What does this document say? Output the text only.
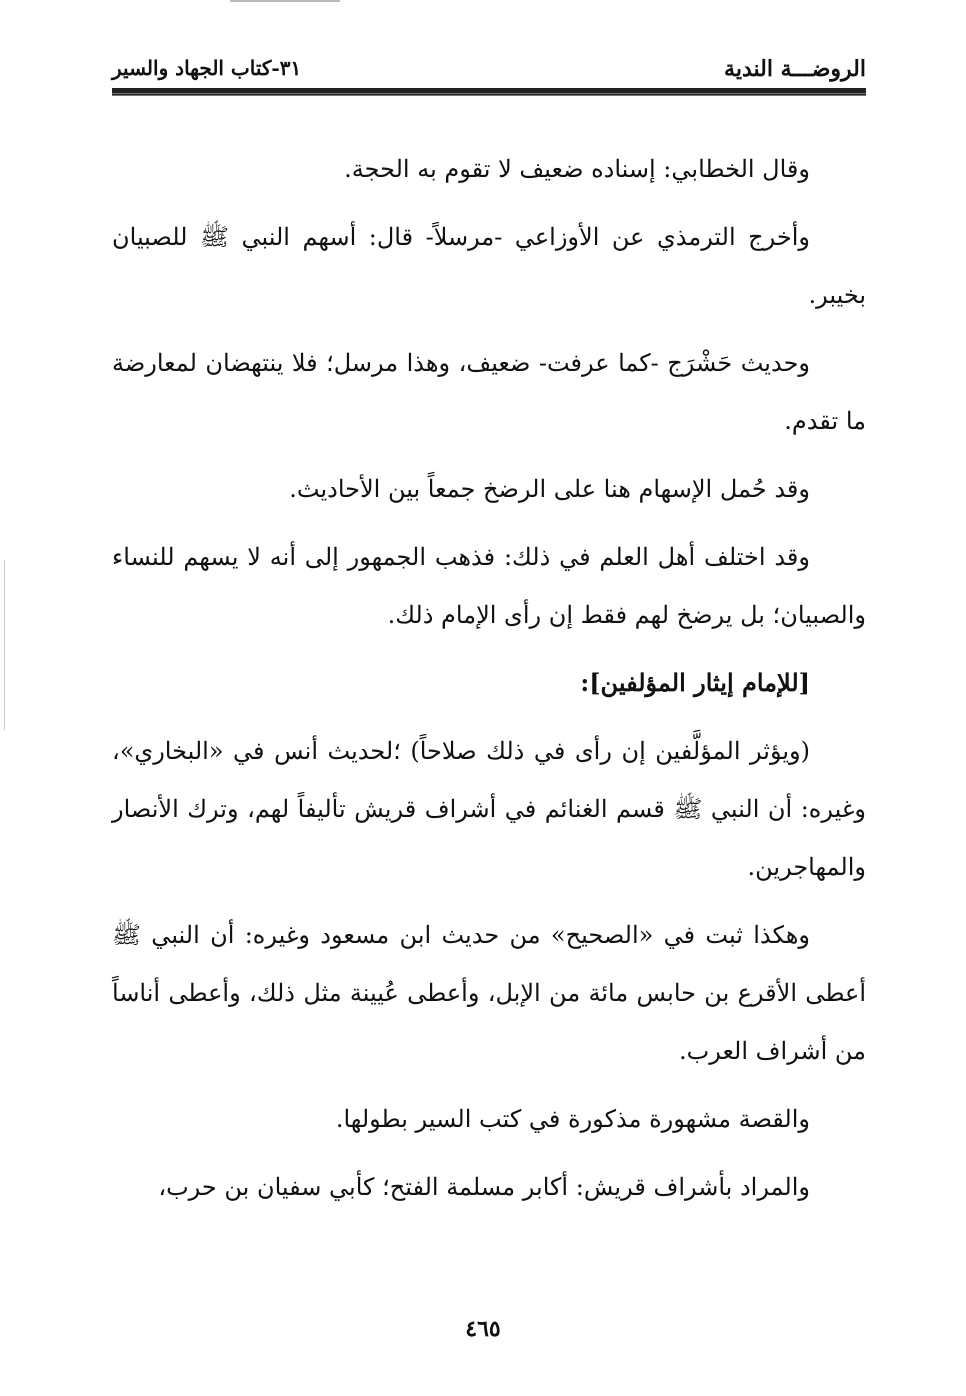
الروضـــة الندية
٣١-كتاب الجهاد والسير

وقال الخطابي: إسناده ضعيف لا تقوم به الحجة.

وأخرج الترمذي عن الأوزاعي -مرسلاً- قال: أسهم النبي ﷺ للصبيان بخيبر.

وحديث حَشْرَج -كما عرفت- ضعيف، وهذا مرسل؛ فلا ينتهضان لمعارضة ما تقدم.

وقد حُمل الإسهام هنا على الرضخ جمعاً بين الأحاديث.

وقد اختلف أهل العلم في ذلك: فذهب الجمهور إلى أنه لا يسهم للنساء والصبيان؛ بل يرضخ لهم فقط إن رأى الإمام ذلك.

[للإمام إيثار المؤلفين]:

(ويؤثر المؤلَّفين إن رأى في ذلك صلاحاً) ؛لحديث أنس في «البخاري»، وغيره: أن النبي ﷺ قسم الغنائم في أشراف قريش تأليفاً لهم، وترك الأنصار والمهاجرين.

وهكذا ثبت في «الصحيح» من حديث ابن مسعود وغيره: أن النبي ﷺ أعطى الأقرع بن حابس مائة من الإبل، وأعطى عُيينة مثل ذلك، وأعطى أناساً من أشراف العرب.

والقصة مشهورة مذكورة في كتب السير بطولها.

والمراد بأشراف قريش: أكابر مسلمة الفتح؛ كأبي سفيان بن حرب،

٤٦٥
